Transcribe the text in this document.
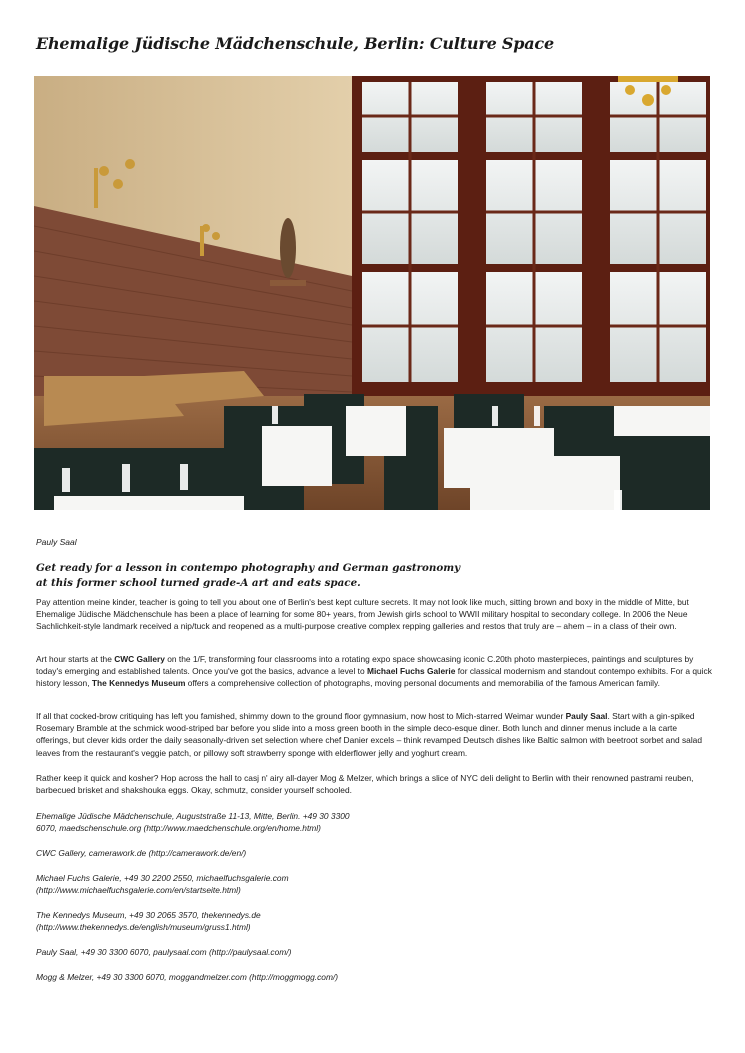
Ehemalige Jüdische Mädchenschule, Berlin: Culture Space
Pauly Saal
Get ready for a lesson in contempo photography and German gastronomy
at this former school turned grade-A art and eats space.

Pay attention meine kinder, teacher is going to tell you about one of Berlin's best kept culture secrets. It may not look like much, sitting brown and boxy in the middle of Mitte, but Ehemalige Jüdische Mädchenschule has been a place of learning for some 80+ years, from Jewish girls school to WWII military hospital to secondary college. In 2006 the Neue Sachlichkeit-style landmark received a nip/tuck and reopened as a multi-purpose creative complex repping galleries and restos that truly are – ahem – in a class of their own.

Art hour starts at the CWC Gallery on the 1/F, transforming four classrooms into a rotating expo space showcasing iconic C.20th photo masterpieces, paintings and sculptures by today's emerging and established talents. Once you've got the basics, advance a level to Michael Fuchs Galerie for classical modernism and standout contempo exhibits. For a quick history lesson, The Kennedys Museum offers a comprehensive collection of photographs, moving personal documents and memorabilia of the famous American family.

If all that cocked-brow critiquing has left you famished, shimmy down to the ground floor gymnasium, now host to Mich-starred Weimar wunder Pauly Saal. Start with a gin-spiked Rosemary Bramble at the schmick wood-striped bar before you slide into a moss green booth in the simple deco-esque diner. Both lunch and dinner menus include a la carte offerings, but clever kids order the daily seasonally-driven set selection where chef Danier excels – think revamped Deutsch dishes like Baltic salmon with beetroot sorbet and salad leaves from the restaurant's veggie patch, or pillowy soft strawberry sponge with elderflower jelly and yoghurt cream.

Rather keep it quick and kosher? Hop across the hall to casj n' airy all-dayer Mog & Melzer, which brings a slice of NYC deli delight to Berlin with their renowned pastrami reuben, barbecued brisket and shakshouka eggs. Okay, schmutz, consider yourself schooled.

Ehemalige Jüdische Mädchenschule, Auguststraße 11-13, Mitte, Berlin. +49 30 3300
6070, maedschenschule.org (http://www.maedchenschule.org/en/home.html)

CWC Gallery, camerawork.de (http://camerawork.de/en/)

Michael Fuchs Galerie, +49 30 2200 2550, michaelfuchsgalerie.com
(http://www.michaelfuchsgalerie.com/en/startseite.html)

The Kennedys Museum, +49 30 2065 3570, thekennedys.de
(http://www.thekennedys.de/english/museum/gruss1.html)

Pauly Saal, +49 30 3300 6070, paulysaal.com (http://paulysaal.com/)

Mogg & Melzer, +49 30 3300 6070, moggandmelzer.com (http://moggmogg.com/)
